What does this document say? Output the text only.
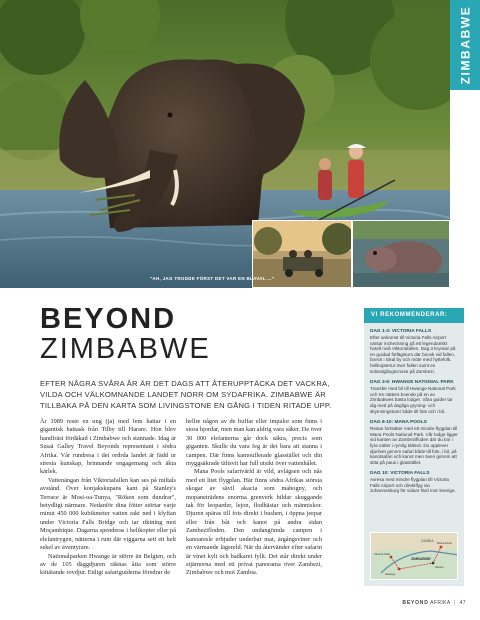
"AH, JAG TRODDE FÖRST DET VAR EN BLAVAL ..."
ZIMBABWE
BEYOND
ZIMBABWE
EFTER NÅGRA SVÅRA ÅR ÄR DET DAGS ATT ÅTERUPPTÄCKA DET VACKRA, VILDA OCH VÄLKOMNANDE LANDET NORR OM SYDAFRIKA. ZIMBABWE ÄR TILLBAKA PÅ DEN KARTA SOM LIVINGSTONE EN GÅNG I TIDEN RITADE UPP.

År 1989 reste en ung (ja) med fem hattar i en gigantisk hattask från Tilby till Harare. Hon blev handfräst fördäkad i Zimbabwe och stannade. Idag är Susai Galley Travel Beyonds representant i södra Afrika. Vår rundresa i det ordrda landet är fädd ur stresia kunskap, brinnande engagemang och äkta kärlek.

Vattenängan från Viktoriafallen kan ses på miltals avstånd. Över konjakskupans kant på Stanley's Terrace är Mosi-oa-Tunya, "Röken som dundrar", betydligt närmare. Nedanför dina fötter störtar varje minut 450 000 kubikmeter vatten rakt ned i klyftan under Victoria Falls Bridge och tar riktning mot Moçambique. Dagarna spenderas i helikopter eller på elefantrygen, nätterna i rum där viggarna sett ett helt sekel av äventyrare.

Nationalparken Hwange är större än Belgien, och av de 105 däggdjuren räknas åtta som större kittätande rovdjur. Enligt safariguiderna föredrar de

hellre någon av de buffar eller impalor som finns i stora hjordar, men man kan aldrig vara säker. De över 30 000 elefanterna går dock säkra, precis som giganten. Skulle du vara feg är det bara att stanna i campen. Där finns kamouflerade glasstället och din myggsäkrade tältsvit har full utsikt över vattenhålet.

Mana Pools safarivärld är vild, avlägsen och nås med ett litet flygplan. Här finns södra Afrikas största skogar av sävil akacia som mahogny, och mopaneträdens enorma grenverk bildar skuggande tak för leoparder, lejon, flodhästar och människor. Djuren späras till fots direkt i bushen, i öppna jeepar eller från båt och kanot på andra sidan Zambezifloden. Den undangömda campen i kanoaresle erbjuder underbar mat, ärgångsviner och en värmande lägereld. När du återvänder efter safarin är vinet kylt och badkaret fyllt. Det står direkt under stjärnorna med ett privat panorama över Zambezi, Zimbabwe och mot Zambia.

VI REKOMMENDERAR:
DAG 1-3: VICTORIA FALLS
Efter ankomst till Victoria Falls Airport väntar incheckning på ett legendariskt hotell nivå Viktoriafallen. Dag 3 kryssar på en guidad fotfägsturs där bocek vid fallen, boeck i lokal by och möte med hyttefolk, helikoptertur över fallen samt en solnedgångscruise på Zambezi.
DAG 3-6: HWANGE NATIONAL PARK
Transfer med bil till Hwange National Park och tre nätters boende på en av Zimbabwes bästa lodger. Våra guider tar dig med på dagliga gryning- och skymningsturer både till fots och i bil.
DAG 6-10: MANA POOLS
Resan fortsätter med ett mindre flygplan till Mana Pools National Park. Vår lodge ligger vid kanten av Zambezifloden där du bor i fyra nätter i rymlig tältsvit. Du upplever djurlivet genom safari både till fots, i bil, på kanotsafari och kanot men även genom att sitta på paus i glasstället.
DAG 10: VICTORIA FALLS
Avresa med mindre flygplan till Victoria Falls Airport och direktflyg via Johannesburg för vidare färd mot Sverige.
ZAMBIA
ZIMBABWE
Victoria Falls
Hwange
Mana Pools
Harare
BEYOND AFRIKA | 47
